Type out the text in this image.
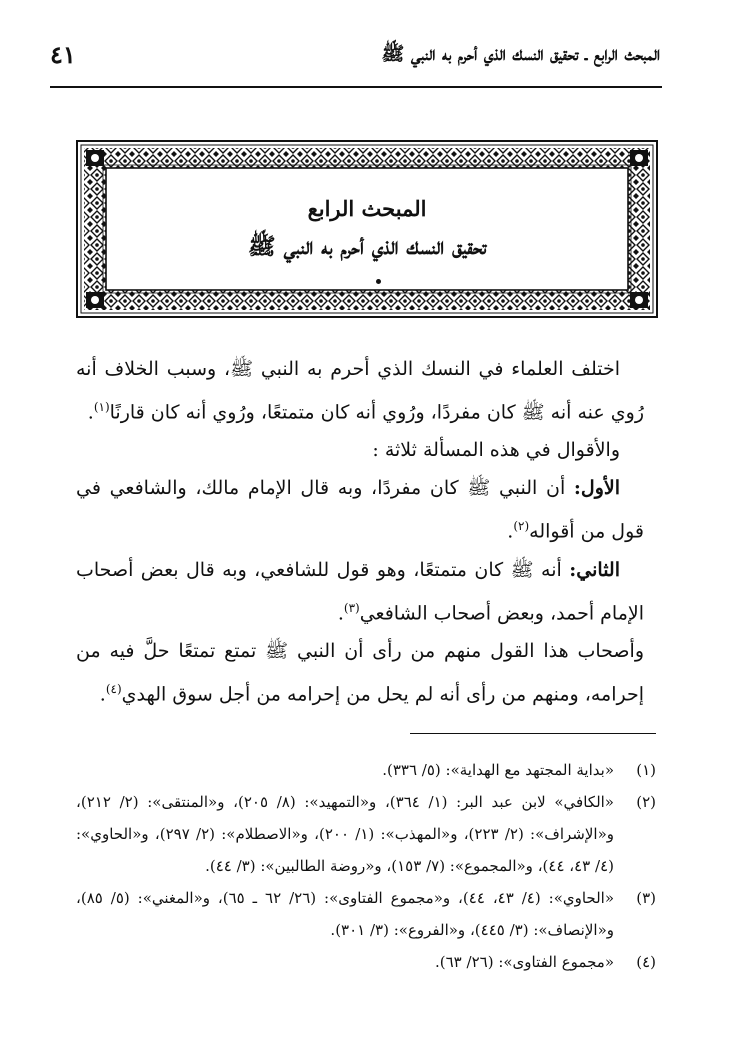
المبحث الرابع ـ تحقيق النسك الذي أحرم به النبي ﷺ
٤١
المبحث الرابع
تحقيق النسك الذي أحرم به النبي ﷺ

اختلف العلماء في النسك الذي أحرم به النبي ﷺ، وسبب الخلاف أنه رُوي عنه أنه ﷺ كان مفردًا، ورُوي أنه كان متمتعًا، ورُوي أنه كان قارنًا$^{(١)}$.

والأقوال في هذه المسألة ثلاثة :

الأول: أن النبي ﷺ كان مفردًا، وبه قال الإمام مالك، والشافعي في قول من أقواله$^{(٢)}$.

الثاني: أنه ﷺ كان متمتعًا، وهو قول للشافعي، وبه قال بعض أصحاب الإمام أحمد، وبعض أصحاب الشافعي$^{(٣)}$.

وأصحاب هذا القول منهم من رأى أن النبي ﷺ تمتع تمتعًا حلَّ فيه من إحرامه، ومنهم من رأى أنه لم يحل من إحرامه من أجل سوق الهدي$^{(٤)}$.

(١)

«بداية المجتهد مع الهداية»: (٥/ ٣٣٦).

(٢)

«الكافي» لابن عبد البر: (١/ ٣٦٤)، و«التمهيد»: (٨/ ٢٠٥)، و«المنتقى»: (٢/ ٢١٢)، و«الإشراف»: (٢/ ٢٢٣)، و«المهذب»: (١/ ٢٠٠)، و«الاصطلام»: (٢/ ٢٩٧)، و«الحاوي»: (٤/ ٤٣، ٤٤)، و«المجموع»: (٧/ ١٥٣)، و«روضة الطالبين»: (٣/ ٤٤).

(٣)

«الحاوي»: (٤/ ٤٣، ٤٤)، و«مجموع الفتاوى»: (٢٦/ ٦٢ ـ ٦٥)، و«المغني»: (٥/ ٨٥)، و«الإنصاف»: (٣/ ٤٤٥)، و«الفروع»: (٣/ ٣٠١).

(٤)

«مجموع الفتاوى»: (٢٦/ ٦٣).
